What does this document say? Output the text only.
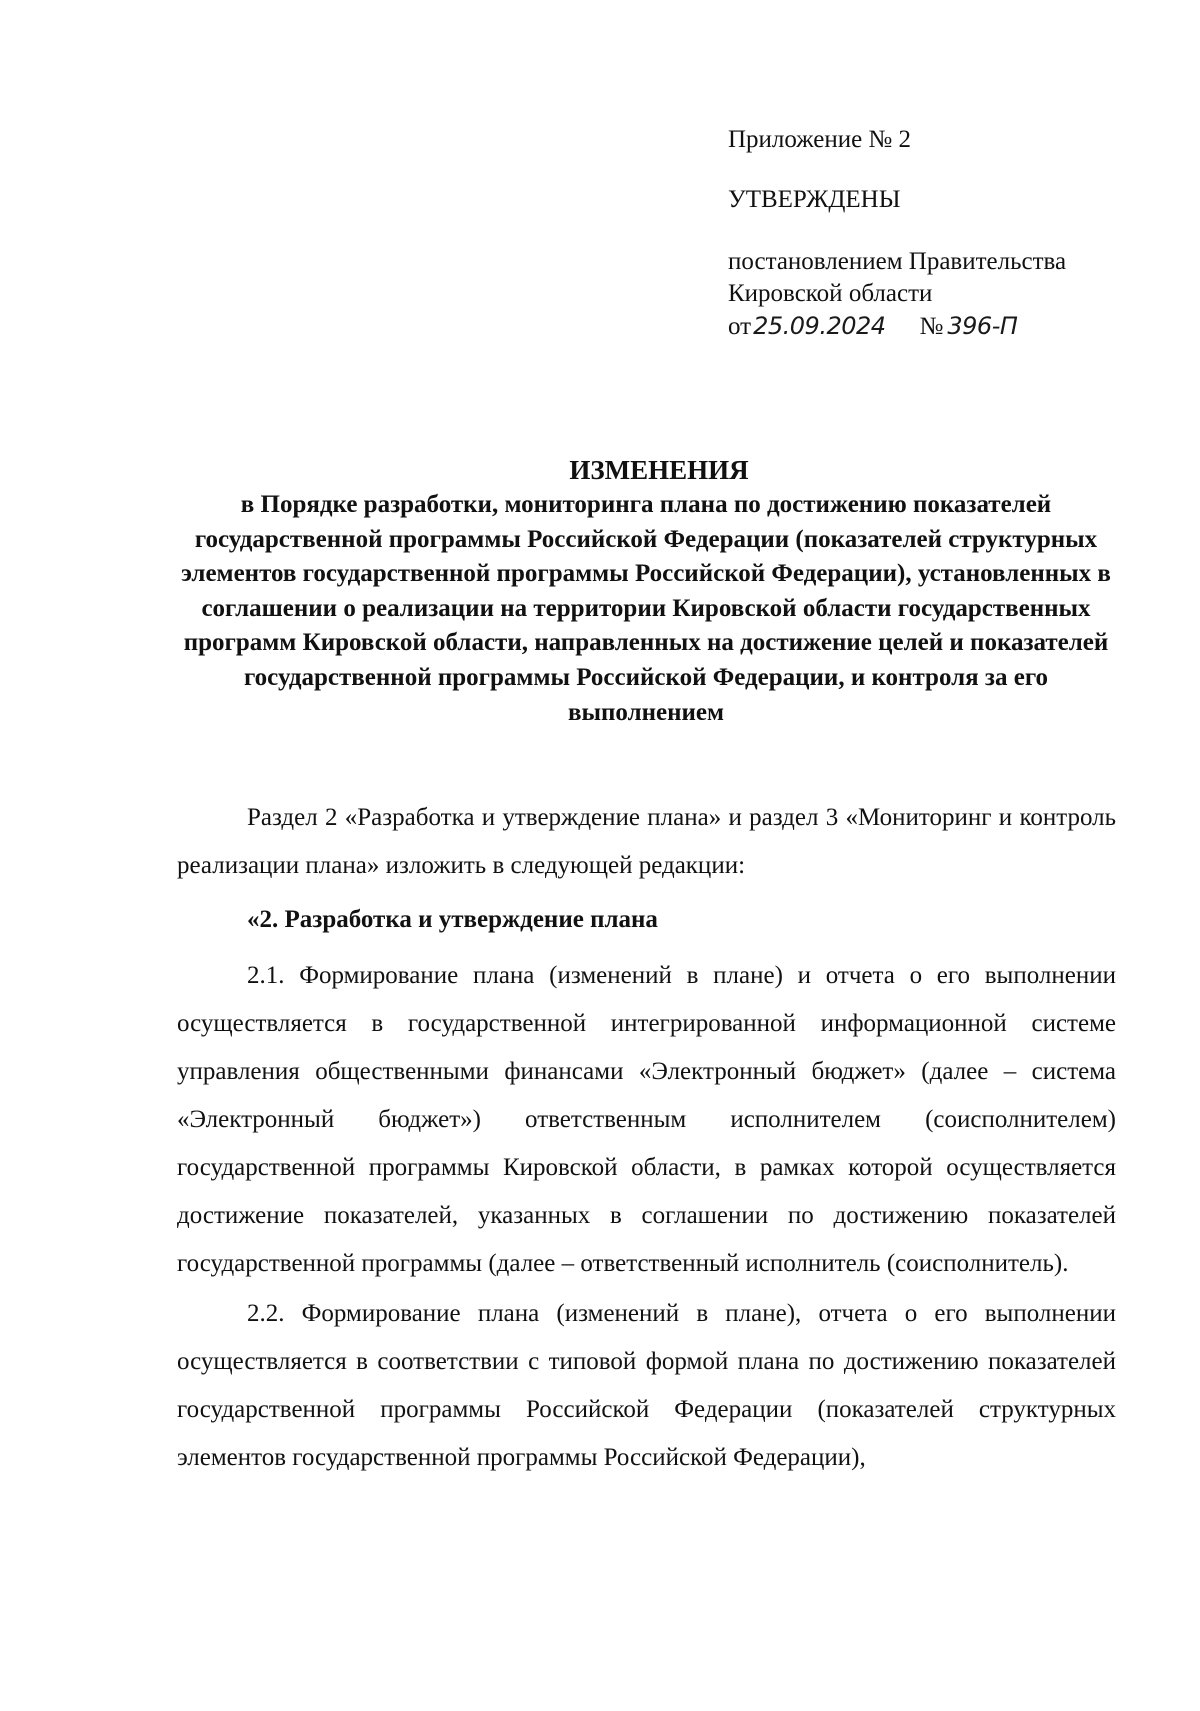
Приложение № 2
УТВЕРЖДЕНЫ
постановлением Правительства
Кировской области
от25.09.2024 № 396-П

ИЗМЕНЕНИЯ

в Порядке разработки, мониторинга плана по достижению показателей государственной программы Российской Федерации (показателей структурных элементов государственной программы Российской Федерации), установленных в соглашении о реализации на территории Кировской области государственных программ Кировской области, направленных на достижение целей и показателей государственной программы Российской Федерации, и контроля за его выполнением

Раздел 2 «Разработка и утверждение плана» и раздел 3 «Мониторинг и контроль реализации плана» изложить в следующей редакции:

«2. Разработка и утверждение плана

2.1. Формирование плана (изменений в плане) и отчета о его выполнении осуществляется в государственной интегрированной информационной системе управления общественными финансами «Электронный бюджет» (далее – система «Электронный бюджет») ответственным исполнителем (соисполнителем) государственной программы Кировской области, в рамках которой осуществляется достижение показателей, указанных в соглашении по достижению показателей государственной программы (далее – ответственный исполнитель (соисполнитель).

2.2. Формирование плана (изменений в плане), отчета о его выполнении осуществляется в соответствии с типовой формой плана по достижению показателей государственной программы Российской Федерации (показателей структурных элементов государственной программы Российской Федерации),
